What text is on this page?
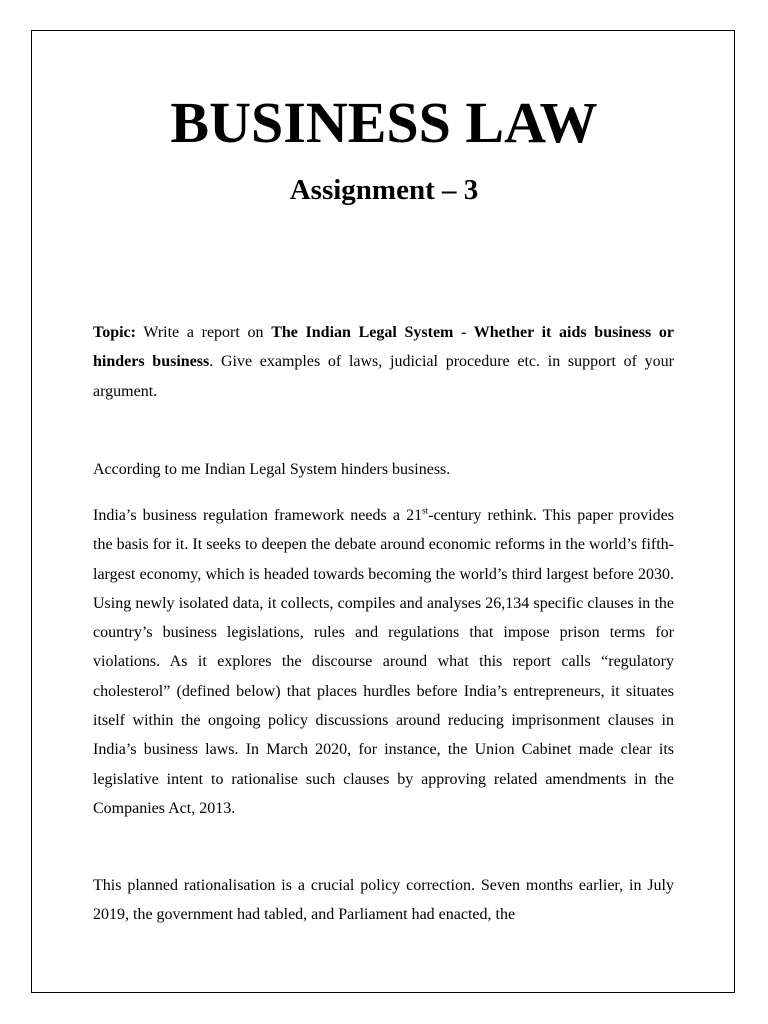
BUSINESS LAW
Assignment – 3

Topic: Write a report on The Indian Legal System - Whether it aids business or hinders business. Give examples of laws, judicial procedure etc. in support of your argument.

According to me Indian Legal System hinders business.

India’s business regulation framework needs a 21st-century rethink. This paper provides the basis for it. It seeks to deepen the debate around economic reforms in the world’s fifth-largest economy, which is headed towards becoming the world’s third largest before 2030. Using newly isolated data, it collects, compiles and analyses 26,134 specific clauses in the country’s business legislations, rules and regulations that impose prison terms for violations. As it explores the discourse around what this report calls “regulatory cholesterol” (defined below) that places hurdles before India’s entrepreneurs, it situates itself within the ongoing policy discussions around reducing imprisonment clauses in India’s business laws. In March 2020, for instance, the Union Cabinet made clear its legislative intent to rationalise such clauses by approving related amendments in the Companies Act, 2013.

This planned rationalisation is a crucial policy correction. Seven months earlier, in July 2019, the government had tabled, and Parliament had enacted, the
